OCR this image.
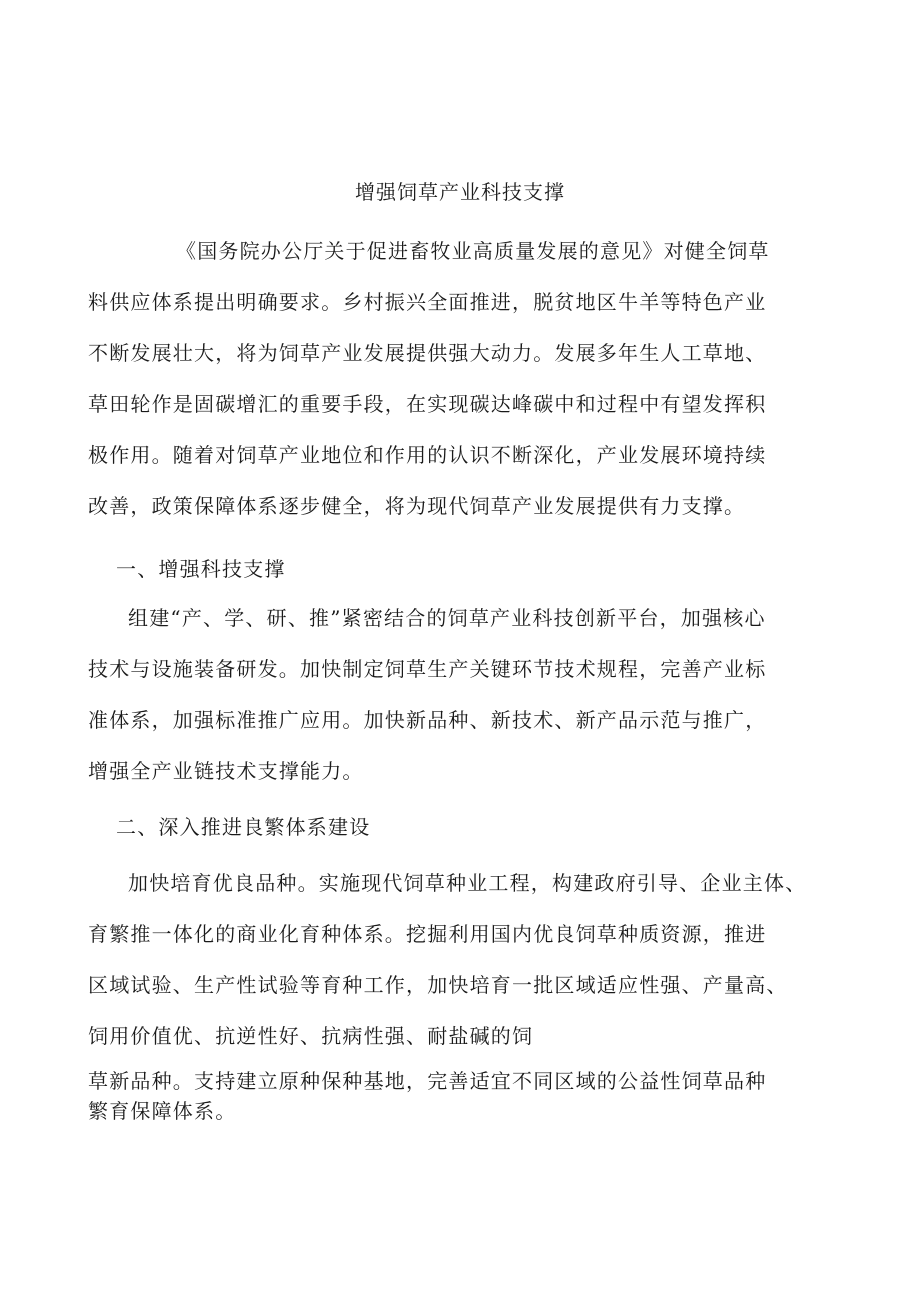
增强饲草产业科技支撑
《国务院办公厅关于促进畜牧业高质量发展的意见》对健全饲草
料供应体系提出明确要求。乡村振兴全面推进，脱贫地区牛羊等特色产业
不断发展壮大，将为饲草产业发展提供强大动力。发展多年生人工草地、
草田轮作是固碳增汇的重要手段，在实现碳达峰碳中和过程中有望发挥积
极作用。随着对饲草产业地位和作用的认识不断深化，产业发展环境持续
改善，政策保障体系逐步健全，将为现代饲草产业发展提供有力支撑。
一、增强科技支撑
组建“产、学、研、推”紧密结合的饲草产业科技创新平台，加强核心
技术与设施装备研发。加快制定饲草生产关键环节技术规程，完善产业标
准体系，加强标准推广应用。加快新品种、新技术、新产品示范与推广，
增强全产业链技术支撑能力。
二、深入推进良繁体系建设
加快培育优良品种。实施现代饲草种业工程，构建政府引导、企业主体、
育繁推一体化的商业化育种体系。挖掘利用国内优良饲草种质资源，推进
区域试验、生产性试验等育种工作，加快培育一批区域适应性强、产量高、
饲用价值优、抗逆性好、抗病性强、耐盐碱的饲
草新品种。支持建立原种保种基地，完善适宜不同区域的公益性饲草品种
繁育保障体系。
